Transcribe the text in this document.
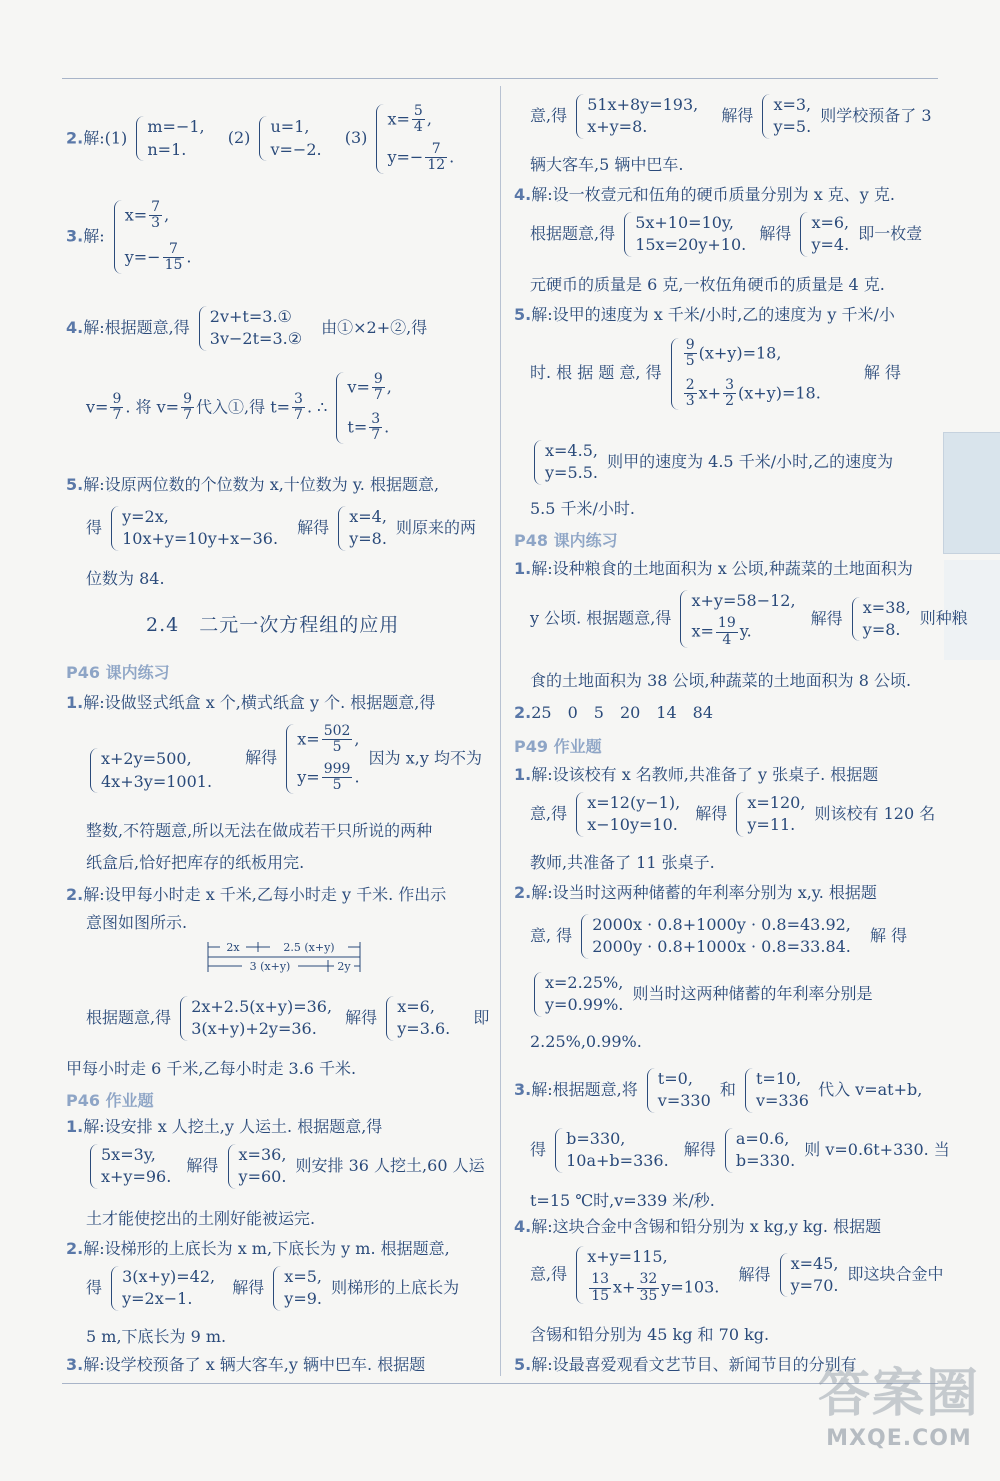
2.解:(1)
m=−1,
n=1.
(2)
u=1,
v=−2.
(3)
$x= \frac{5}{4}$ ,
$y=- \frac{7}{12}$ .
3.解:
$x= \frac{7}{3}$ ,
$y=- \frac{7}{15}$ .
4.解:根据题意,得
2v+t=3.①
3v−2t=3.②
由①×2+②,得
$v= \frac{9}{7}$ . 将 $v= \frac{9}{7}$ 代入①,得 $t= \frac{3}{7}$ . ∴
$v= \frac{9}{7}$ ,
$t= \frac{3}{7}$ .
5.解:设原两位数的个位数为 x,十位数为 y. 根据题意,
得
y=2x,
10x+y=10y+x−36.
解得
x=4,
y=8.
则原来的两
位数为 84.
2.4　二元一次方程组的应用
P46 课内练习
1.解:设做竖式纸盒 x 个,横式纸盒 y 个. 根据题意,得
x+2y=500,
4x+3y=1001.
解得
$x= \frac{502}{5}$ ,
$y= \frac{999}{5}$ .
因为 x,y 均不为
整数,不符题意,所以无法在做成若干只所说的两种
纸盒后,恰好把库存的纸板用完.
2.解:设甲每小时走 x 千米,乙每小时走 y 千米. 作出示
意图如图所示.
2x	2.5 (x+y)
3 (x+y)	2y
根据题意,得
2x+2.5(x+y)=36,
3(x+y)+2y=36.
解得
x=6,
y=3.6.
即
甲每小时走 6 千米,乙每小时走 3.6 千米.
P46 作业题
1.解:设安排 x 人挖土,y 人运土. 根据题意,得
5x=3y,
x+y=96.
解得
x=36,
y=60.
则安排 36 人挖土,60 人运
土才能使挖出的土刚好能被运完.
2.解:设梯形的上底长为 x m,下底长为 y m. 根据题意,
得
3(x+y)=42,
y=2x−1.
解得
x=5,
y=9.
则梯形的上底长为
5 m,下底长为 9 m.
3.解:设学校预备了 x 辆大客车,y 辆中巴车. 根据题
意,得
51x+8y=193,
x+y=8.
解得
x=3,
y=5.
则学校预备了 3
辆大客车,5 辆中巴车.
4.解:设一枚壹元和伍角的硬币质量分别为 x 克、y 克.
根据题意,得
5x+10=10y,
15x=20y+10.
解得
x=6,
y=4.
即一枚壹
元硬币的质量是 6 克,一枚伍角硬币的质量是 4 克.
5.解:设甲的速度为 x 千米/小时,乙的速度为 y 千米/小
时. 根 据 题 意, 得
$\frac{9}{5} (x+y)=18$,
$\frac{2}{3} x+ \frac{3}{2} (x+y)=18$.
解 得
x=4.5,
y=5.5.
则甲的速度为 4.5 千米/小时,乙的速度为
5.5 千米/小时.
P48 课内练习
1.解:设种粮食的土地面积为 x 公顷,种蔬菜的土地面积为
y 公顷. 根据题意,得
x+y=58−12,
$x= \frac{19}{4} y$.
解得
x=38,
y=8.
则种粮
食的土地面积为 38 公顷,种蔬菜的土地面积为 8 公顷.
2.25　0　5　20　14　84
P49 作业题
1.解:设该校有 x 名教师,共准备了 y 张桌子. 根据题
意,得
x=12(y−1),
x−10y=10.
解得
x=120,
y=11.
则该校有 120 名
教师,共准备了 11 张桌子.
2.解:设当时这两种储蓄的年利率分别为 x,y. 根据题
意, 得
2000x · 0.8+1000y · 0.8=43.92,
2000y · 0.8+1000x · 0.8=33.84.
解 得
x=2.25%,
y=0.99%.
则当时这两种储蓄的年利率分别是
2.25%,0.99%.
3.解:根据题意,将
t=0,
v=330
和
t=10,
v=336
代入 v=at+b,
得
b=330,
10a+b=336.
解得
a=0.6,
b=330.
则 v=0.6t+330. 当
t=15 ℃时,v=339 米/秒.
4.解:这块合金中含锡和铅分别为 x kg,y kg. 根据题
意,得
x+y=115,
$\frac{13}{15} x+ \frac{32}{35} y=103$.
解得
x=45,
y=70.
即这块合金中
含锡和铅分别为 45 kg 和 70 kg.
5.解:设最喜爱观看文艺节目、新闻节目的分别有
答案圈
MXQE.COM
